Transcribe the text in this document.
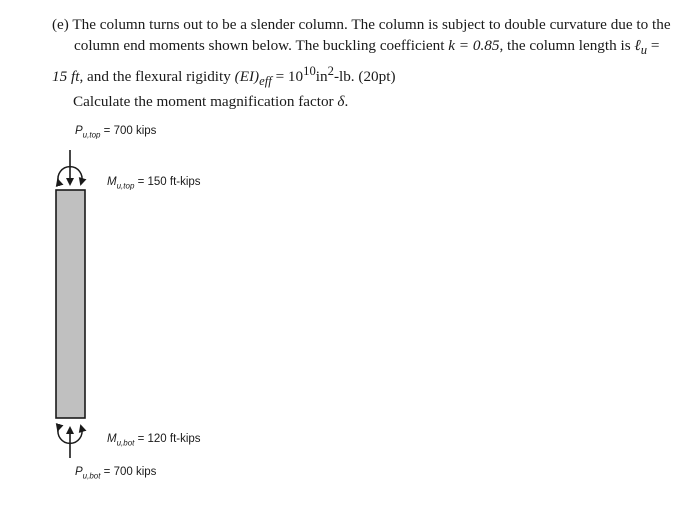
(e) The column turns out to be a slender column. The column is subject to double curvature due to the
column end moments shown below. The buckling coefficient k = 0.85, the column length is ℓ$_u$ =
15 ft, and the flexural rigidity $(EI)_{eff} = 10^{10}in^2-lb$. (20pt)

Calculate the moment magnification factor δ.

$P_{u,top} = 700$ kips
$M_{u,top} = 150$ ft-kips
$M_{u,bot} = 120$ ft-kips
$P_{u,bot} = 700$ kips
